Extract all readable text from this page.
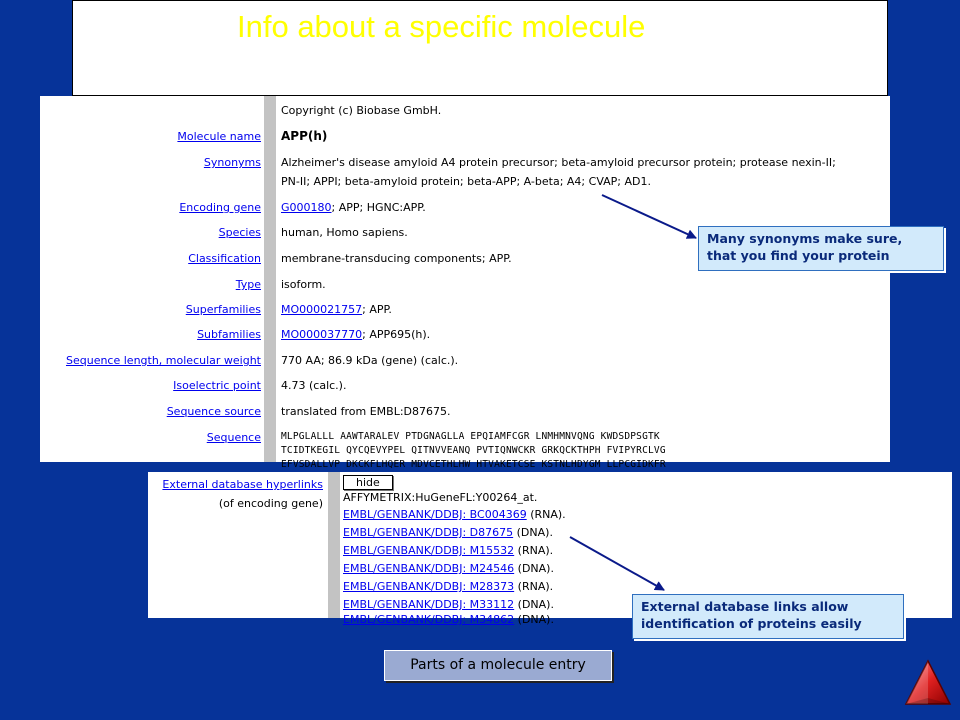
Info about a specific molecule
Copyright (c) Biobase GmbH.
Molecule name APP(h)
Synonyms Alzheimer's disease amyloid A4 protein precursor; beta-amyloid precursor protein; protease nexin-II;
PN-II; APPI; beta-amyloid protein; beta-APP; A-beta; A4; CVAP; AD1.
Encoding gene G000180; APP; HGNC:APP.
Species human, Homo sapiens.
Classification membrane-transducing components; APP.
Type isoform.
Superfamilies MO000021757; APP.
Subfamilies MO000037770; APP695(h).
Sequence length, molecular weight 770 AA; 86.9 kDa (gene) (calc.).
Isoelectric point 4.73 (calc.).
Sequence source translated from EMBL:D87675.
Sequence MLPGLALLL AAWTARALEV PTDGNAGLLA EPQIAMFCGR LNMHMNVQNG KWDSDPSGTK
TCIDTKEGIL QYCQEVYPEL QITNVVEANQ PVTIQNWCKR GRKQCKTHPH FVIPYRCLVG
EFVSDALLVP DKCKFLHQER MDVCETHLHW HTVAKETCSE KSTNLHDYGM LLPCGIDKFR
External database hyperlinks
(of encoding gene)
hide
AFFYMETRIX:HuGeneFL:Y00264_at.
EMBL/GENBANK/DDBJ: BC004369 (RNA).
EMBL/GENBANK/DDBJ: D87675 (DNA).
EMBL/GENBANK/DDBJ: M15532 (RNA).
EMBL/GENBANK/DDBJ: M24546 (DNA).
EMBL/GENBANK/DDBJ: M28373 (RNA).
EMBL/GENBANK/DDBJ: M33112 (DNA).
EMBL/GENBANK/DDBJ: M34862 (DNA).
Many synonyms make sure,
that you find your protein
External database links allow
identification of proteins easily
Parts of a molecule entry
